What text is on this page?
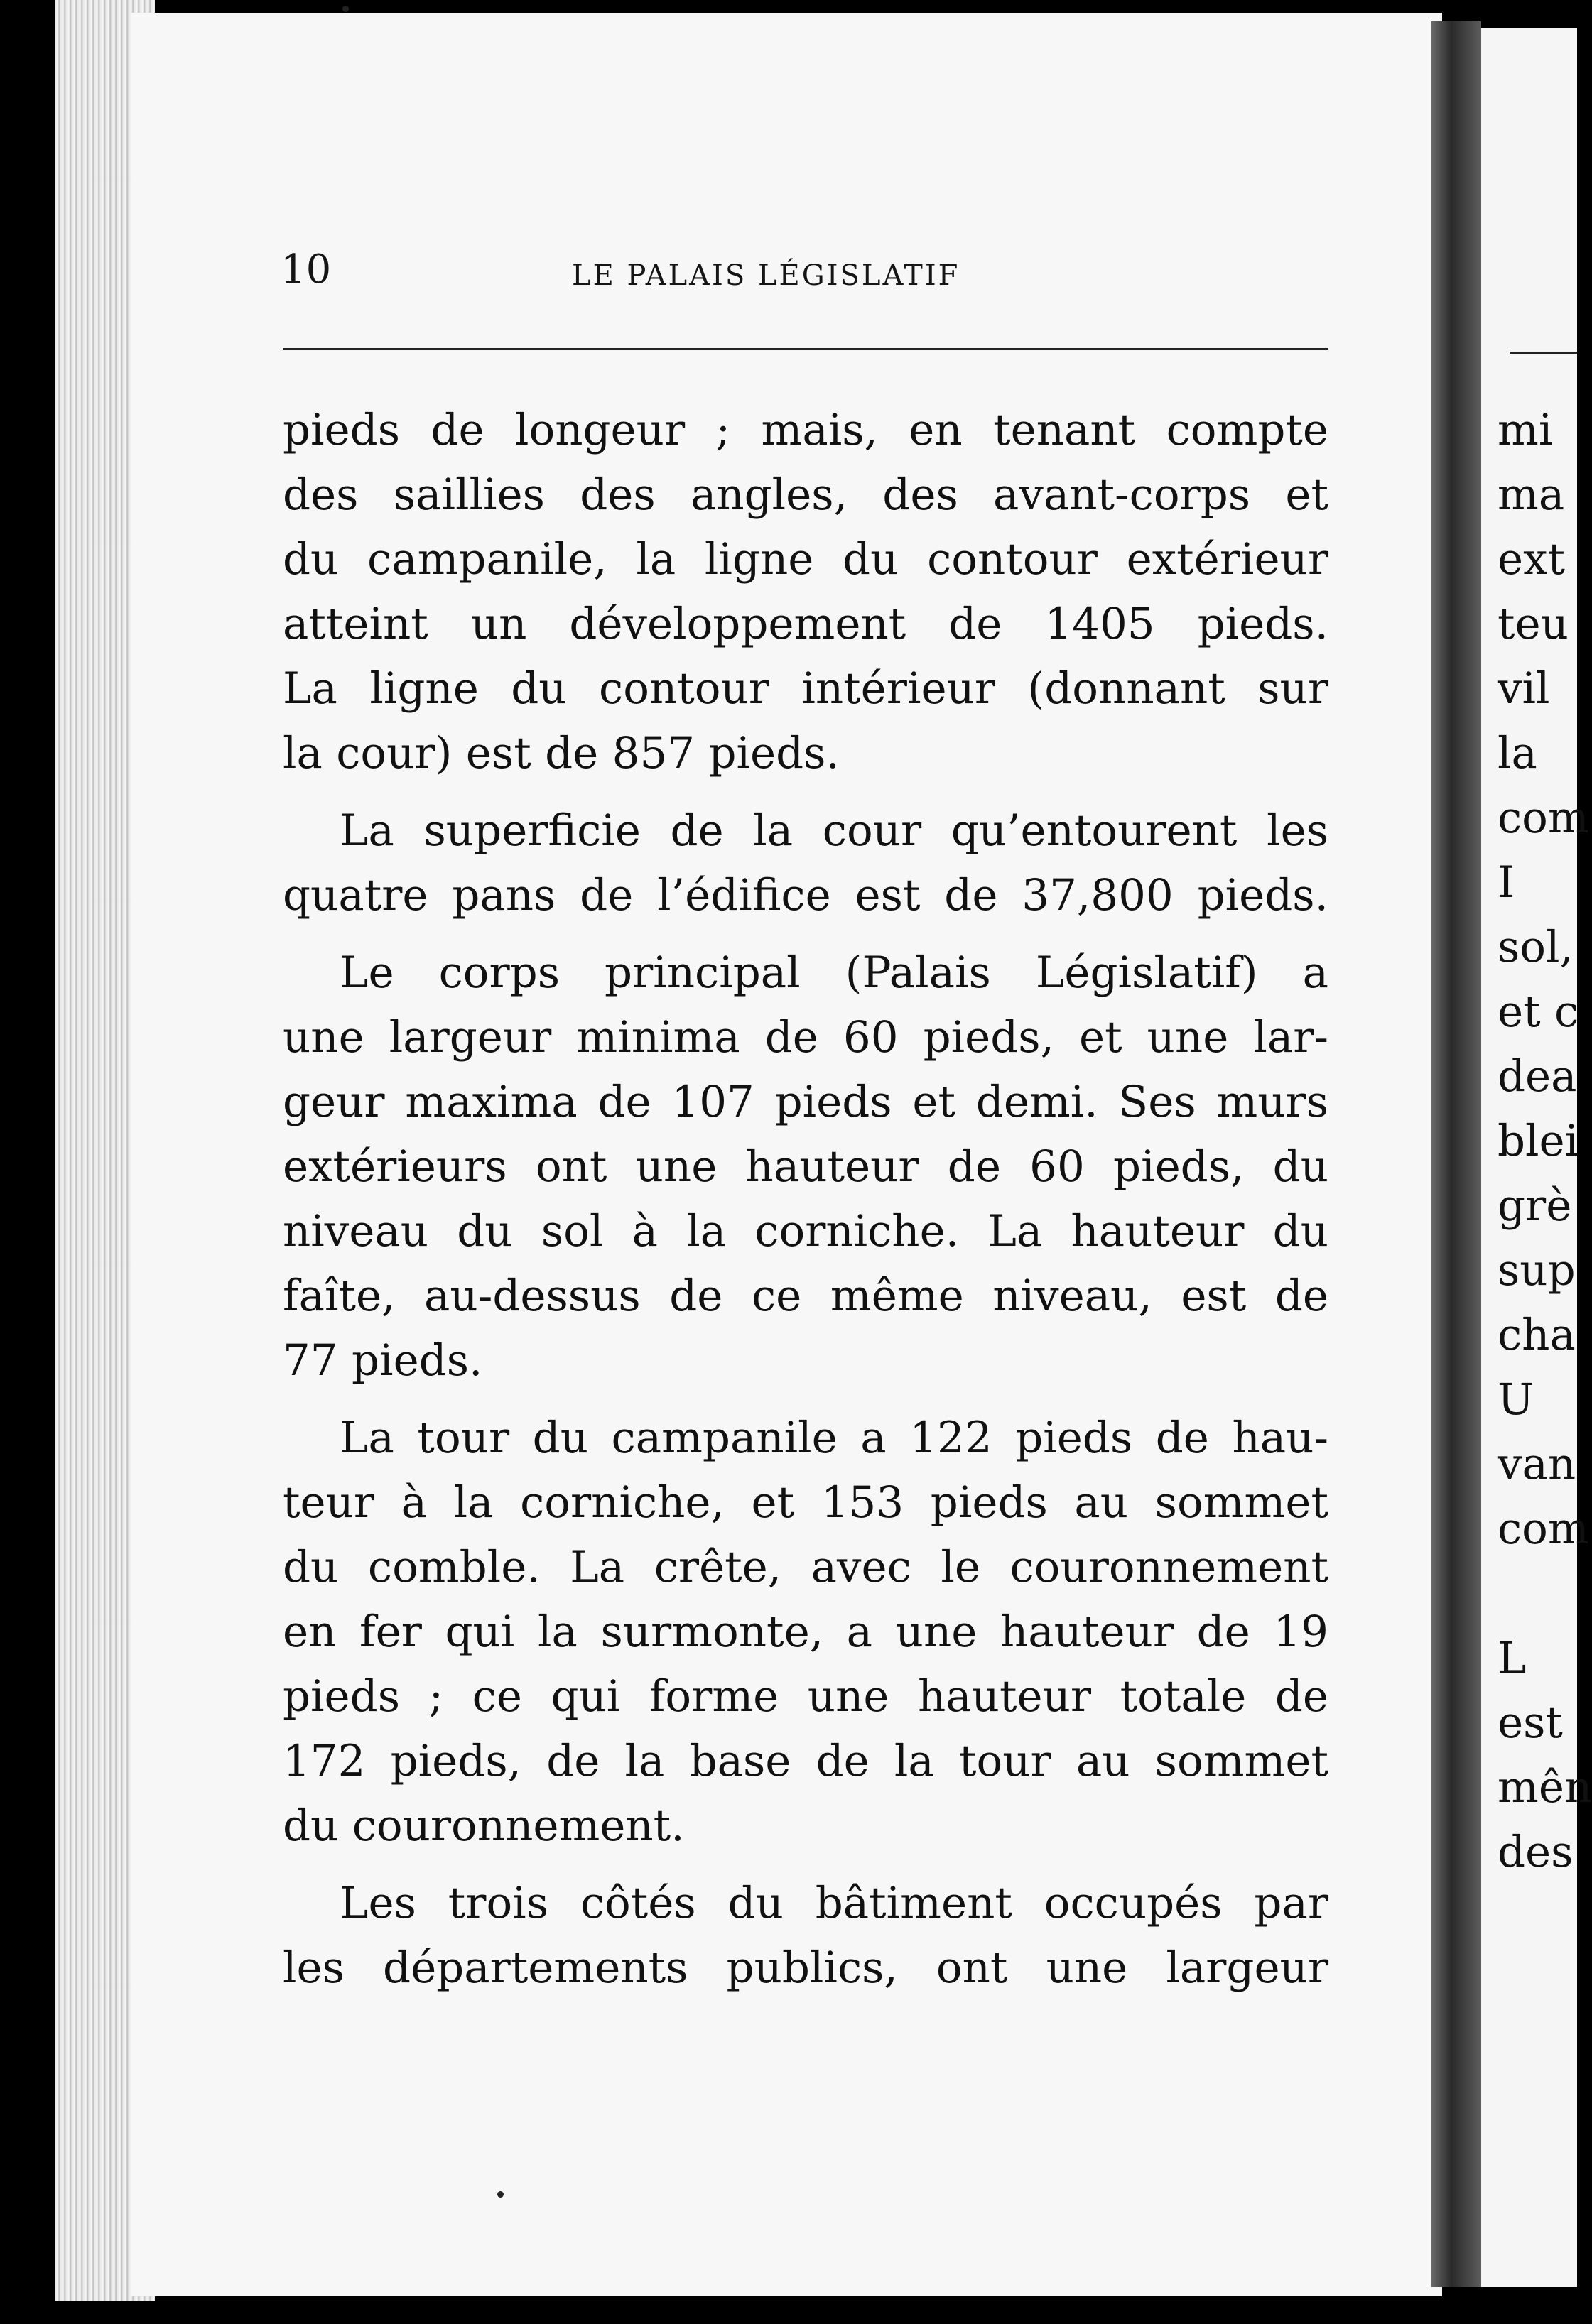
10	LE PALAIS LÉGISLATIF

pieds de longeur ; mais, en tenant compte
des saillies des angles, des avant-corps et
du campanile, la ligne du contour extérieur
atteint un développement de 1405 pieds.
La ligne du contour intérieur (donnant sur
la cour) est de 857 pieds.

La superficie de la cour qu’entourent les
quatre pans de l’édifice est de 37,800 pieds.

Le corps principal (Palais Législatif) a
une largeur minima de 60 pieds, et une lar-
geur maxima de 107 pieds et demi. Ses murs
extérieurs ont une hauteur de 60 pieds, du
niveau du sol à la corniche. La hauteur du
faîte, au-dessus de ce même niveau, est de
77 pieds.

La tour du campanile a 122 pieds de hau-
teur à la corniche, et 153 pieds au sommet
du comble. La crête, avec le couronnement
en fer qui la surmonte, a une hauteur de 19
pieds ; ce qui forme une hauteur totale de
172 pieds, de la base de la tour au sommet
du couronnement.

Les trois côtés du bâtiment occupés par
les départements publics, ont une largeur

mi
ma
ext
teu
vil
la
com
I
sol,
et c
dea
blei
grè
sup
cha
U
van
com
L
est
mên
des
